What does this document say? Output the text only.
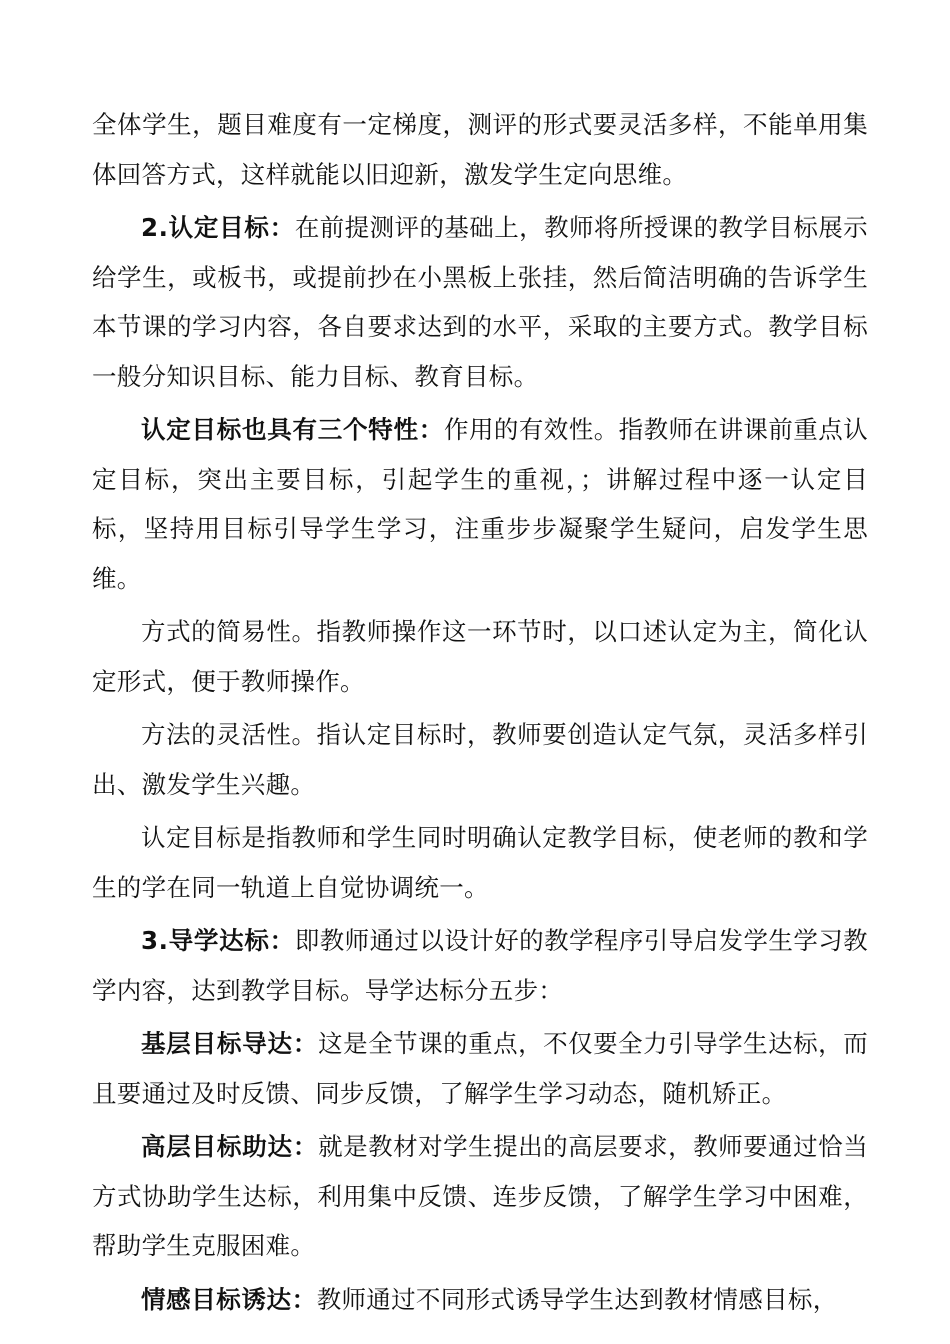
全体学生，题目难度有一定梯度，测评的形式要灵活多样，不能单用集体回答方式，这样就能以旧迎新，激发学生定向思维。

2.认定目标：在前提测评的基础上，教师将所授课的教学目标展示给学生，或板书，或提前抄在小黑板上张挂，然后简洁明确的告诉学生本节课的学习内容，各自要求达到的水平，采取的主要方式。教学目标一般分知识目标、能力目标、教育目标。

认定目标也具有三个特性：作用的有效性。指教师在讲课前重点认定目标，突出主要目标，引起学生的重视，；讲解过程中逐一认定目标，坚持用目标引导学生学习，注重步步凝聚学生疑问，启发学生思维。

方式的简易性。指教师操作这一环节时，以口述认定为主，简化认定形式，便于教师操作。

方法的灵活性。指认定目标时，教师要创造认定气氛，灵活多样引出、激发学生兴趣。

认定目标是指教师和学生同时明确认定教学目标，使老师的教和学生的学在同一轨道上自觉协调统一。

3.导学达标：即教师通过以设计好的教学程序引导启发学生学习教学内容，达到教学目标。导学达标分五步：

基层目标导达：这是全节课的重点，不仅要全力引导学生达标，而且要通过及时反馈、同步反馈，了解学生学习动态，随机矫正。

高层目标助达：就是教材对学生提出的高层要求，教师要通过恰当方式协助学生达标，利用集中反馈、连步反馈，了解学生学习中困难，帮助学生克服困难。

情感目标诱达：教师通过不同形式诱导学生达到教材情感目标，
